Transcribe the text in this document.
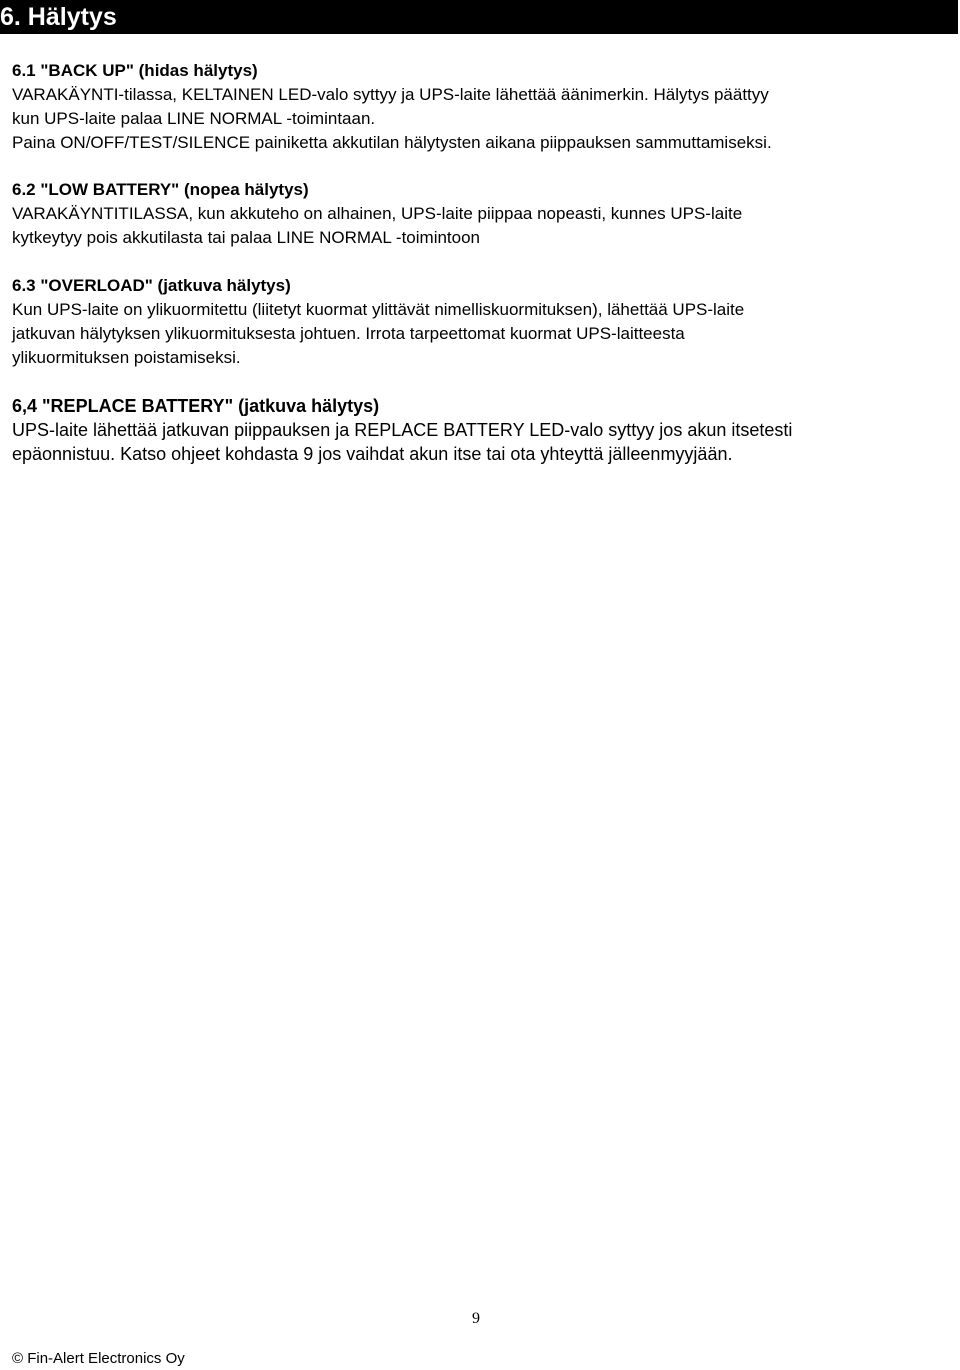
6. Hälytys
6.1 "BACK UP" (hidas hälytys)
VARAKÄYNTI-tilassa, KELTAINEN LED-valo syttyy ja UPS-laite lähettää äänimerkin. Hälytys päättyy
kun UPS-laite palaa LINE NORMAL -toimintaan.
Paina ON/OFF/TEST/SILENCE painiketta akkutilan hälytysten aikana piippauksen sammuttamiseksi.
6.2 "LOW BATTERY" (nopea hälytys)
VARAKÄYNTITILASSA, kun akkuteho on alhainen, UPS-laite piippaa nopeasti, kunnes UPS-laite
kytkeytyy pois akkutilasta tai palaa LINE NORMAL -toimintoon
6.3 "OVERLOAD" (jatkuva hälytys)
Kun UPS-laite on ylikuormitettu (liitetyt kuormat ylittävät nimelliskuormituksen), lähettää UPS-laite
jatkuvan hälytyksen ylikuormituksesta johtuen. Irrota tarpeettomat kuormat UPS-laitteesta
ylikuormituksen poistamiseksi.
6,4 "REPLACE BATTERY" (jatkuva hälytys)
UPS-laite lähettää jatkuvan piippauksen ja REPLACE BATTERY LED-valo syttyy jos akun itsetesti
epäonnistuu. Katso ohjeet kohdasta 9 jos vaihdat akun itse tai ota yhteyttä jälleenmyyjään.
9
© Fin-Alert Electronics Oy
